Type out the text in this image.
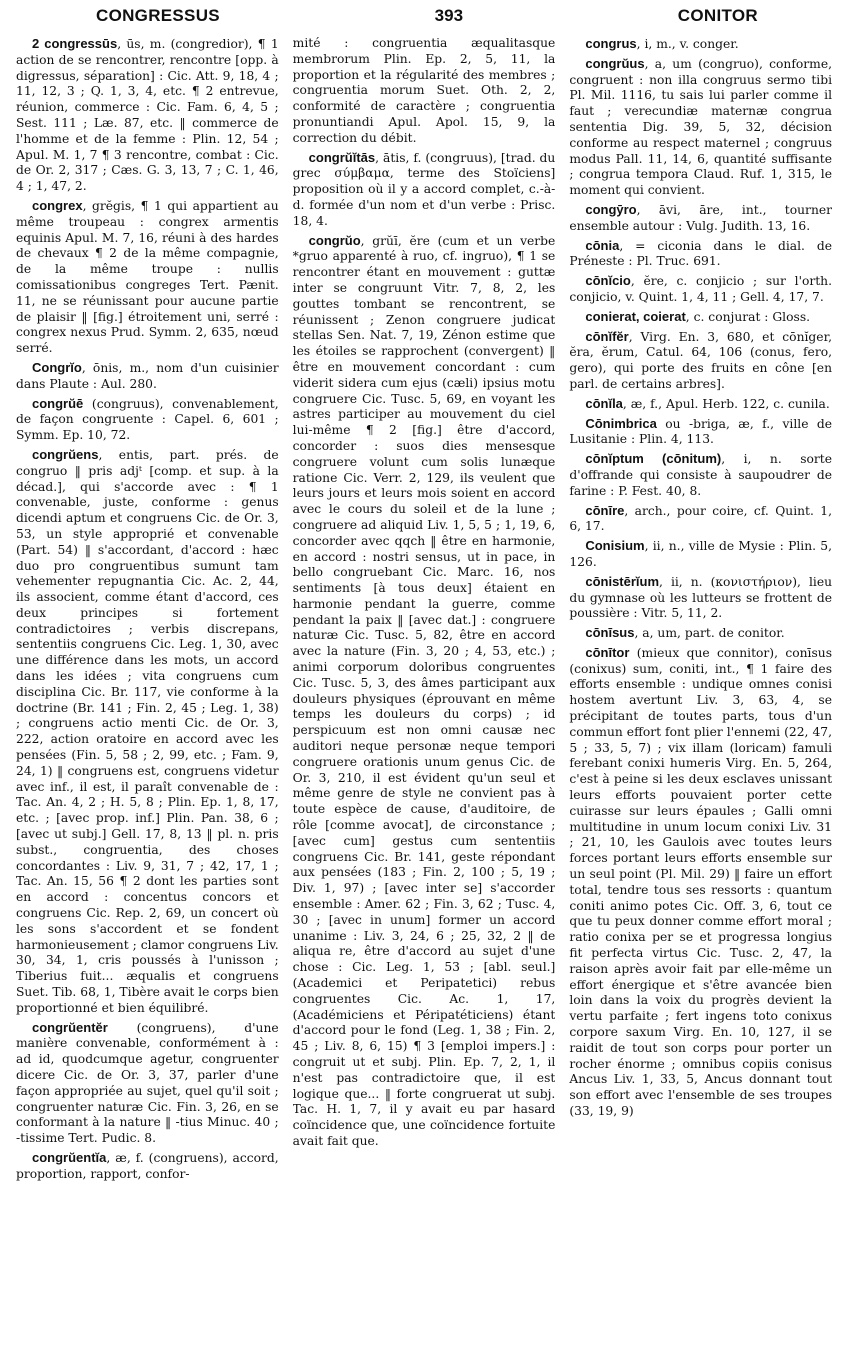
CONGRESSUS	393	CONITOR

2 congressūs, ūs, m. (congredior), ¶ 1 action de se rencontrer, rencontre [opp. à digressus, séparation] : Cic. Att. 9, 18, 4 ; 11, 12, 3 ; Q. 1, 3, 4, etc. ¶ 2 entrevue, réunion, commerce : Cic. Fam. 6, 4, 5 ; Sest. 111 ; Læ. 87, etc. ‖ commerce de l'homme et de la femme : Plin. 12, 54 ; Apul. M. 1, 7 ¶ 3 rencontre, combat : Cic. de Or. 2, 317 ; Cæs. G. 3, 13, 7 ; C. 1, 46, 4 ; 1, 47, 2.

congrex, grĕgis, ¶ 1 qui appartient au même troupeau : congrex armentis equinis Apul. M. 7, 16, réuni à des hardes de chevaux ¶ 2 de la même compagnie, de la même troupe : nullis comissationibus congreges Tert. Pænit. 11, ne se réunissant pour aucune partie de plaisir ‖ [fig.] étroitement uni, serré : congrex nexus Prud. Symm. 2, 635, nœud serré.

Congrĭo, ōnis, m., nom d'un cuisinier dans Plaute : Aul. 280.

congrŭē (congruus), convenablement, de façon congruente : Capel. 6, 601 ; Symm. Ep. 10, 72.

congrŭens, entis, part. prés. de congruo ‖ pris adjᵗ [comp. et sup. à la décad.], qui s'accorde avec : ¶ 1 convenable, juste, conforme : genus dicendi aptum et congruens Cic. de Or. 3, 53, un style approprié et convenable (Part. 54) ‖ s'accordant, d'accord : hæc duo pro congruentibus sumunt tam vehementer repugnantia Cic. Ac. 2, 44, ils associent, comme étant d'accord, ces deux principes si fortement contradictoires ; verbis discrepans, sententiis congruens Cic. Leg. 1, 30, avec une différence dans les mots, un accord dans les idées ; vita congruens cum disciplina Cic. Br. 117, vie conforme à la doctrine (Br. 141 ; Fin. 2, 45 ; Leg. 1, 38) ; congruens actio menti Cic. de Or. 3, 222, action oratoire en accord avec les pensées (Fin. 5, 58 ; 2, 99, etc. ; Fam. 9, 24, 1) ‖ congruens est, congruens videtur avec inf., il est, il paraît convenable de : Tac. An. 4, 2 ; H. 5, 8 ; Plin. Ep. 1, 8, 17, etc. ; [avec prop. inf.] Plin. Pan. 38, 6 ; [avec ut subj.] Gell. 17, 8, 13 ‖ pl. n. pris subst., congruentia, des choses concordantes : Liv. 9, 31, 7 ; 42, 17, 1 ; Tac. An. 15, 56 ¶ 2 dont les parties sont en accord : concentus concors et congruens Cic. Rep. 2, 69, un concert où les sons s'accordent et se fondent harmonieusement ; clamor congruens Liv. 30, 34, 1, cris poussés à l'unisson ; Tiberius fuit... æqualis et congruens Suet. Tib. 68, 1, Tibère avait le corps bien proportionné et bien équilibré.

congrŭentĕr (congruens), d'une manière convenable, conformément à : ad id, quodcumque agetur, congruenter dicere Cic. de Or. 3, 37, parler d'une façon appropriée au sujet, quel qu'il soit ; congruenter naturæ Cic. Fin. 3, 26, en se conformant à la nature ‖ -tius Minuc. 40 ; -tissime Tert. Pudic. 8.

congrŭentĭa, æ, f. (congruens), accord, proportion, rapport, confor-

mité : congruentia æqualitasque membrorum Plin. Ep. 2, 5, 11, la proportion et la régularité des membres ; congruentia morum Suet. Oth. 2, 2, conformité de caractère ; congruentia pronuntiandi Apul. Apol. 15, 9, la correction du débit.

congrŭĭtās, ātis, f. (congruus), [trad. du grec σύμβαμα, terme des Stoïciens] proposition où il y a accord complet, c.-à-d. formée d'un nom et d'un verbe : Prisc. 18, 4.

congrŭo, grŭī, ĕre (cum et un verbe *gruo apparenté à ruo, cf. ingruo), ¶ 1 se rencontrer étant en mouvement : guttæ inter se congruunt Vitr. 7, 8, 2, les gouttes tombant se rencontrent, se réunissent ; Zenon congruere judicat stellas Sen. Nat. 7, 19, Zénon estime que les étoiles se rapprochent (convergent) ‖ être en mouvement concordant : cum viderit sidera cum ejus (cæli) ipsius motu congruere Cic. Tusc. 5, 69, en voyant les astres participer au mouvement du ciel lui-même ¶ 2 [fig.] être d'accord, concorder : suos dies mensesque congruere volunt cum solis lunæque ratione Cic. Verr. 2, 129, ils veulent que leurs jours et leurs mois soient en accord avec le cours du soleil et de la lune ; congruere ad aliquid Liv. 1, 5, 5 ; 1, 19, 6, concorder avec qqch ‖ être en harmonie, en accord : nostri sensus, ut in pace, in bello congruebant Cic. Marc. 16, nos sentiments [à tous deux] étaient en harmonie pendant la guerre, comme pendant la paix ‖ [avec dat.] : congruere naturæ Cic. Tusc. 5, 82, être en accord avec la nature (Fin. 3, 20 ; 4, 53, etc.) ; animi corporum doloribus congruentes Cic. Tusc. 5, 3, des âmes participant aux douleurs physiques (éprouvant en même temps les douleurs du corps) ; id perspicuum est non omni causæ nec auditori neque personæ neque tempori congruere orationis unum genus Cic. de Or. 3, 210, il est évident qu'un seul et même genre de style ne convient pas à toute espèce de cause, d'auditoire, de rôle [comme avocat], de circonstance ; [avec cum] gestus cum sententiis congruens Cic. Br. 141, geste répondant aux pensées (183 ; Fin. 2, 100 ; 5, 19 ; Div. 1, 97) ; [avec inter se] s'accorder ensemble : Amer. 62 ; Fin. 3, 62 ; Tusc. 4, 30 ; [avec in unum] former un accord unanime : Liv. 3, 24, 6 ; 25, 32, 2 ‖ de aliqua re, être d'accord au sujet d'une chose : Cic. Leg. 1, 53 ; [abl. seul.] (Academici et Peripatetici) rebus congruentes Cic. Ac. 1, 17, (Académiciens et Péripatéticiens) étant d'accord pour le fond (Leg. 1, 38 ; Fin. 2, 45 ; Liv. 8, 6, 15) ¶ 3 [emploi impers.] : congruit ut et subj. Plin. Ep. 7, 2, 1, il n'est pas contradictoire que, il est logique que... ‖ forte congruerat ut subj. Tac. H. 1, 7, il y avait eu par hasard coïncidence que, une coïncidence fortuite avait fait que.

congrus, i, m., v. conger.

congrŭus, a, um (congruo), conforme, congruent : non illa congruus sermo tibi Pl. Mil. 1116, tu sais lui parler comme il faut ; verecundiæ maternæ congrua sententia Dig. 39, 5, 32, décision conforme au respect maternel ; congruus modus Pall. 11, 14, 6, quantité suffisante ; congrua tempora Claud. Ruf. 1, 315, le moment qui convient.

congȳro, āvi, āre, int., tourner ensemble autour : Vulg. Judith. 13, 16.

cōnia, = ciconia dans le dial. de Préneste : Pl. Truc. 691.

cōnĭcio, ĕre, c. conjicio ; sur l'orth. conjicio, v. Quint. 1, 4, 11 ; Gell. 4, 17, 7.

conierat, coierat, c. conjurat : Gloss.

cōnĭfĕr, Virg. En. 3, 680, et cōnĭger, ĕra, ĕrum, Catul. 64, 106 (conus, fero, gero), qui porte des fruits en cône [en parl. de certains arbres].

cōnĭla, æ, f., Apul. Herb. 122, c. cunila.

Cōnimbrica ou -briga, æ, f., ville de Lusitanie : Plin. 4, 113.

cōnĭptum (cōnitum), i, n. sorte d'offrande qui consiste à saupoudrer de farine : P. Fest. 40, 8.

cōnīre, arch., pour coire, cf. Quint. 1, 6, 17.

Conisium, ii, n., ville de Mysie : Plin. 5, 126.

cōnistērĭum, ii, n. (κονιστήριον), lieu du gymnase où les lutteurs se frottent de poussière : Vitr. 5, 11, 2.

cōnīsus, a, um, part. de conitor.

cōnītor (mieux que connitor), conīsus (conixus) sum, coniti, int., ¶ 1 faire des efforts ensemble : undique omnes conisi hostem avertunt Liv. 3, 63, 4, se précipitant de toutes parts, tous d'un commun effort font plier l'ennemi (22, 47, 5 ; 33, 5, 7) ; vix illam (loricam) famuli ferebant conixi humeris Virg. En. 5, 264, c'est à peine si les deux esclaves unissant leurs efforts pouvaient porter cette cuirasse sur leurs épaules ; Galli omni multitudine in unum locum conixi Liv. 31 ; 21, 10, les Gaulois avec toutes leurs forces portant leurs efforts ensemble sur un seul point (Pl. Mil. 29) ‖ faire un effort total, tendre tous ses ressorts : quantum coniti animo potes Cic. Off. 3, 6, tout ce que tu peux donner comme effort moral ; ratio conixa per se et progressa longius fit perfecta virtus Cic. Tusc. 2, 47, la raison après avoir fait par elle-même un effort énergique et s'être avancée bien loin dans la voix du progrès devient la vertu parfaite ; fert ingens toto conixus corpore saxum Virg. En. 10, 127, il se raidit de tout son corps pour porter un rocher énorme ; omnibus copiis conisus Ancus Liv. 1, 33, 5, Ancus donnant tout son effort avec l'ensemble de ses troupes (33, 19, 9)
